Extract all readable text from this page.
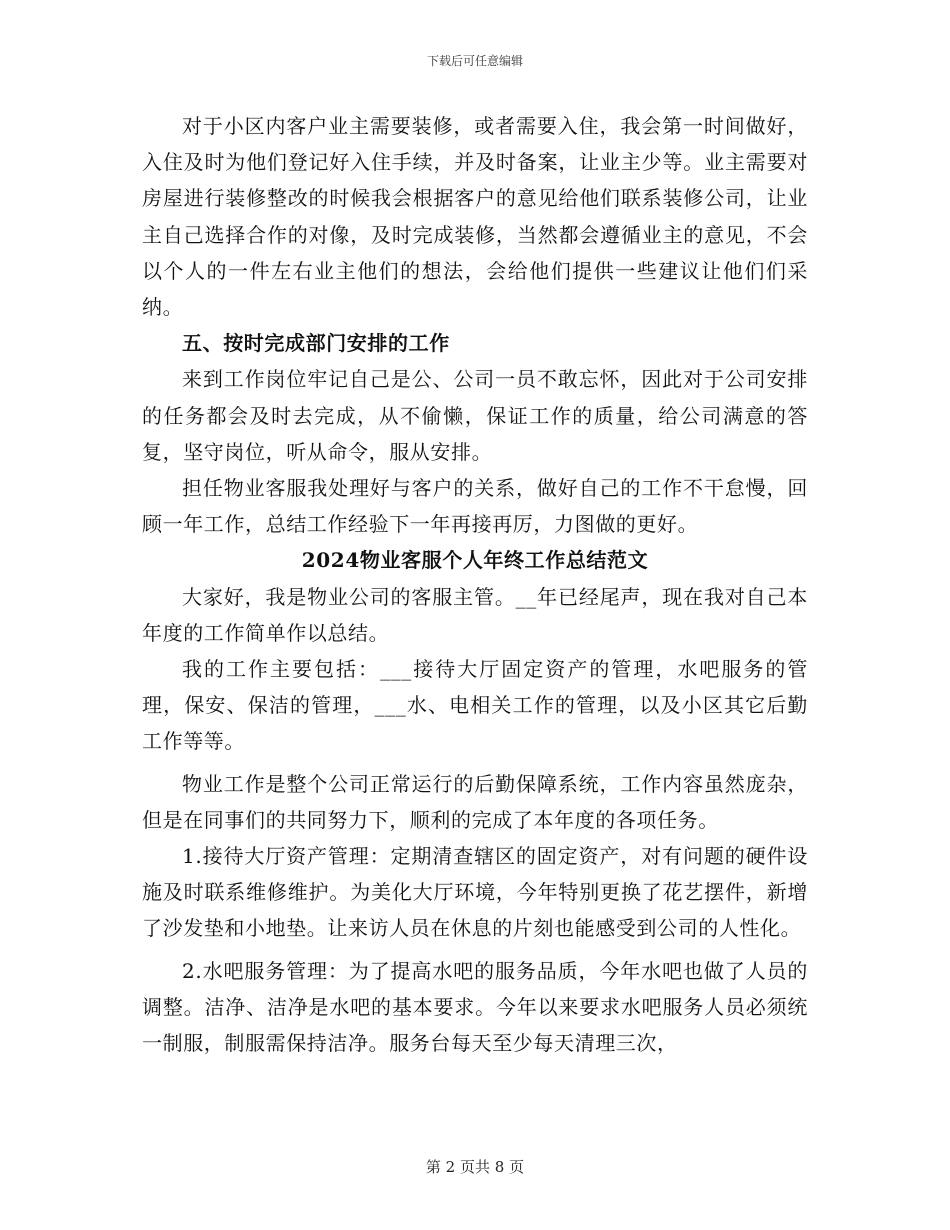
下载后可任意编辑

对于小区内客户业主需要装修，或者需要入住，我会第一时间做好，入住及时为他们登记好入住手续，并及时备案，让业主少等。业主需要对房屋进行装修整改的时候我会根据客户的意见给他们联系装修公司，让业主自己选择合作的对像，及时完成装修，当然都会遵循业主的意见，不会以个人的一件左右业主他们的想法，会给他们提供一些建议让他们们采纳。

五、按时完成部门安排的工作

来到工作岗位牢记自己是公、公司一员不敢忘怀，因此对于公司安排的任务都会及时去完成，从不偷懒，保证工作的质量，给公司满意的答复，坚守岗位，听从命令，服从安排。

担任物业客服我处理好与客户的关系，做好自己的工作不干怠慢，回顾一年工作，总结工作经验下一年再接再厉，力图做的更好。

2024物业客服个人年终工作总结范文

大家好，我是物业公司的客服主管。__年已经尾声，现在我对自己本年度的工作简单作以总结。

我的工作主要包括：___接待大厅固定资产的管理，水吧服务的管理，保安、保洁的管理，___水、电相关工作的管理，以及小区其它后勤工作等等。

物业工作是整个公司正常运行的后勤保障系统，工作内容虽然庞杂，但是在同事们的共同努力下，顺利的完成了本年度的各项任务。

1.接待大厅资产管理：定期清查辖区的固定资产，对有问题的硬件设施及时联系维修维护。为美化大厅环境，今年特别更换了花艺摆件，新增了沙发垫和小地垫。让来访人员在休息的片刻也能感受到公司的人性化。

2.水吧服务管理：为了提高水吧的服务品质，今年水吧也做了人员的调整。洁净、洁净是水吧的基本要求。今年以来要求水吧服务人员必须统一制服，制服需保持洁净。服务台每天至少每天清理三次，

第 2 页共 8 页
